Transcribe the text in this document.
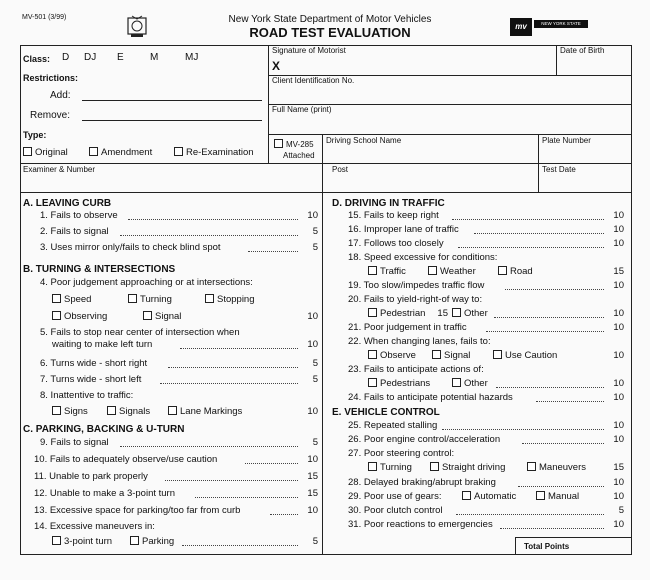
MV-501 (3/99)	New York State Department of Motor Vehicles
ROAD TEST EVALUATION	mv	NEW YORK STATE
Class: D DJ E	M	MJ
Restrictions:
Add:
Remove:
Type:
Original	Amendment	Re-Examination
Signature of Motorist
X
Date of Birth
Client Identification No.
Full Name (print)
MV-285
Attached
Driving School Name	Plate Number
Examiner & Number	Post	Test Date
A. LEAVING CURB
1. Fails to observe	10
2. Fails to signal	5
3. Uses mirror only/fails to check blind spot	5
B. TURNING & INTERSECTIONS
4. Poor judgement approaching or at intersections:
Speed	Turning	Stopping
Observing	Signal	10
5. Fails to stop near center of intersection when
waiting to make left turn	10
6. Turns wide - short right	5
7. Turns wide - short left	5
8. Inattentive to traffic:
Signs	Signals	Lane Markings	10
C. PARKING, BACKING & U-TURN
9. Fails to signal	5
10. Fails to adequately observe/use caution	10
11. Unable to park properly	15
12. Unable to make a 3-point turn	15
13. Excessive space for parking/too far from curb	10
14. Excessive maneuvers in:
3-point turn	Parking	5
D. DRIVING IN TRAFFIC
15. Fails to keep right	10
16. Improper lane of traffic	10
17. Follows too closely	10
18. Speed excessive for conditions:
Traffic	Weather	Road	15
19. Too slow/impedes traffic flow	10
20. Fails to yield-right-of way to:
Pedestrian	15	Other	10
21. Poor judgement in traffic	10
22. When changing lanes, fails to:
Observe	Signal	Use Caution	10
23. Fails to anticipate actions of:
Pedestrians	Other	10
24. Fails to anticipate potential hazards	10
E. VEHICLE CONTROL
25. Repeated stalling	10
26. Poor engine control/acceleration	10
27. Poor steering control:
Turning	Straight driving	Maneuvers	15
28. Delayed braking/abrupt braking	10
29. Poor use of gears:	Automatic	Manual	10
30. Poor clutch control	5
31. Poor reactions to emergencies	10
Total Points
